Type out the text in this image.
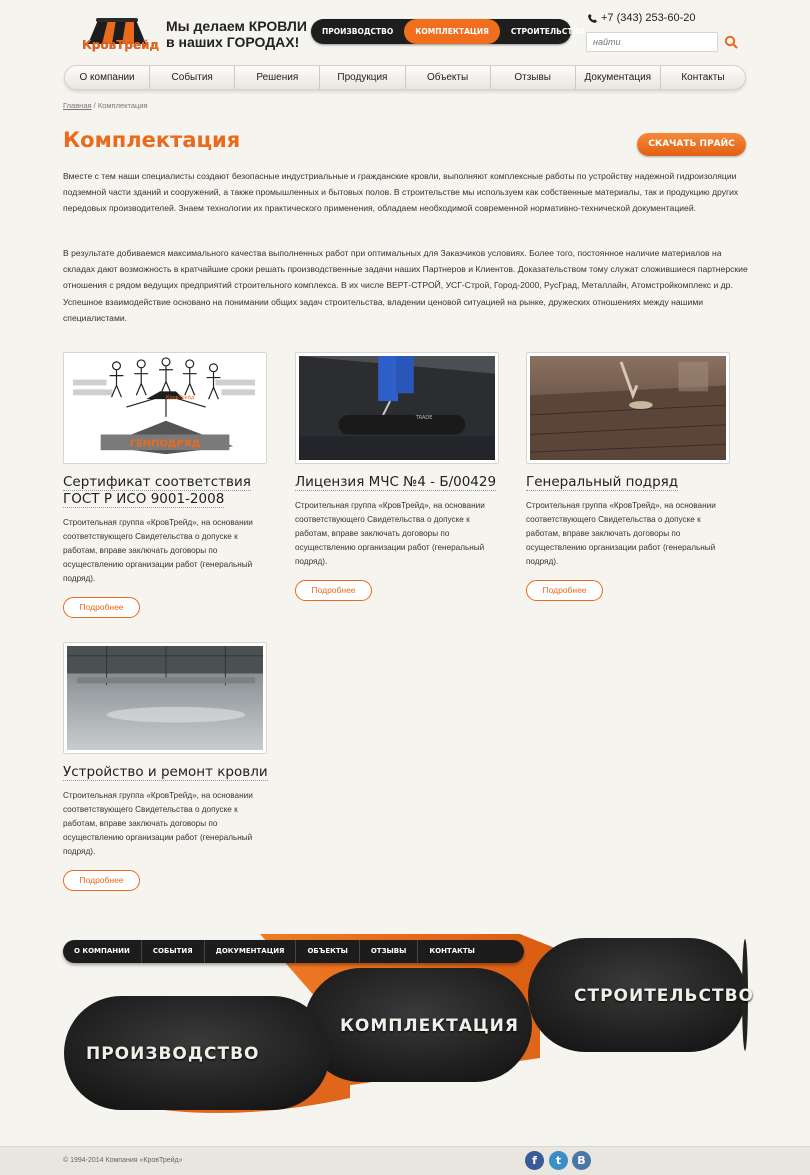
КровТрейд
Мы делаем КРОВЛИ
в наших ГОРОДАХ!
ПРОИЗВОДСТВО	КОМПЛЕКТАЦИЯ	СТРОИТЕЛЬСТВО
+7 (343) 253-60-20
найти
О компании	События	Решения	Продукция	Объекты	Отзывы	Документация	Контакты
Главная / Комплектация
Комплектация	СКАЧАТЬ ПРАЙС

Вместе с тем наши специалисты создают безопасные индустриальные и гражданские кровли, выполняют комплексные работы по устройству надежной гидроизоляции подземной части зданий и сооружений, а также промышленных и бытовых полов. В строительстве мы используем как собственные материалы, так и продукцию других передовых производителей. Знаем технологии их практического применения, обладаем необходимой современной нормативно-технической документацией.

В результате добиваемся максимального качества выполненных работ при оптимальных для Заказчиков условиях. Более того, постоянное наличие материалов на складах дают возможность в кратчайшие сроки решать производственные задачи наших Партнеров и Клиентов. Доказательством тому служат сложившиеся партнерские отношения с рядом ведущих предприятий строительного комплекса. В их числе ВЕРТ-СТРОЙ, УСГ-Строй, Город-2000, РусГрад, Металлайн, Атомстройкомплекс и др. Успешное взаимодействие основано на понимании общих задач строительства, владении ценовой ситуацией на рынке, дружеских отношениях между нашими специалистами.

КровТрейд
ГЕНПОДРЯД
Сертификат соответствия ГОСТ Р ИСО 9001-2008

Строительная группа «КровТрейд», на основании соответствующего Свидетельства о допуске к работам, вправе заключать договоры по осуществлению организации работ (генеральный подряд).

Подробнее
TRADE
Лицензия МЧС №4 - Б/00429

Строительная группа «КровТрейд», на основании соответствующего Свидетельства о допуске к работам, вправе заключать договоры по осуществлению организации работ (генеральный подряд).

Подробнее
Генеральный подряд

Строительная группа «КровТрейд», на основании соответствующего Свидетельства о допуске к работам, вправе заключать договоры по осуществлению организации работ (генеральный подряд).

Подробнее
Устройство и ремонт кровли

Строительная группа «КровТрейд», на основании соответствующего Свидетельства о допуске к работам, вправе заключать договоры по осуществлению организации работ (генеральный подряд).

Подробнее
ПРОИЗВОДСТВО
КОМПЛЕКТАЦИЯ
СТРОИТЕЛЬСТВО
О КОМПАНИИ	СОБЫТИЯ	ДОКУМЕНТАЦИЯ	ОБЪЕКТЫ	ОТЗЫВЫ	КОНТАКТЫ
© 1994-2014 Компания «КровТрейд»	f	t	B
